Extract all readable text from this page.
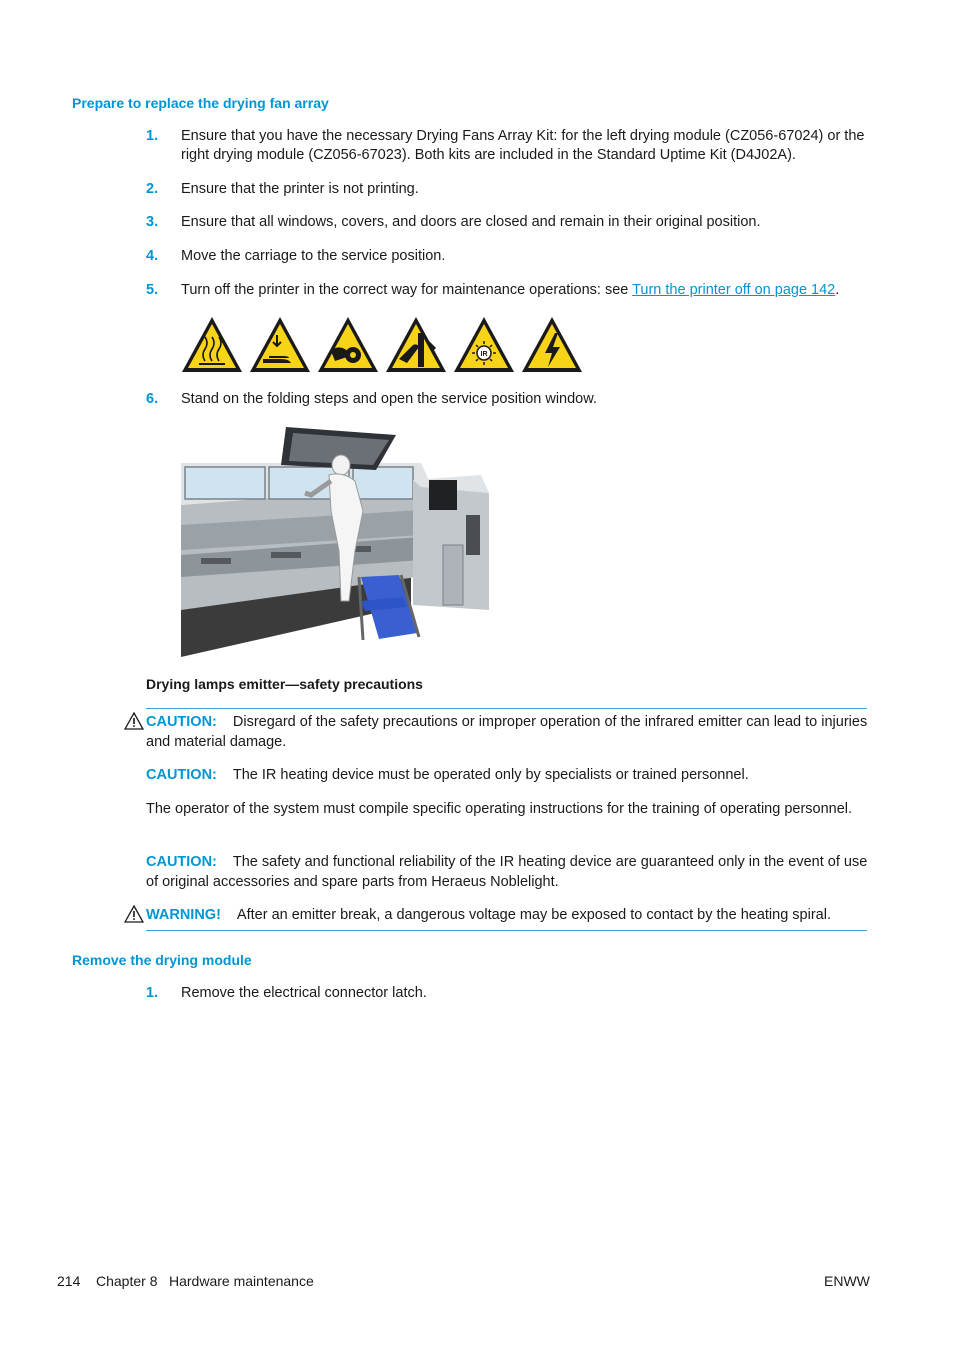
Prepare to replace the drying fan array
1. Ensure that you have the necessary Drying Fans Array Kit: for the left drying module (CZ056-67024) or the right drying module (CZ056-67023). Both kits are included in the Standard Uptime Kit (D4J02A).
2. Ensure that the printer is not printing.
3. Ensure that all windows, covers, and doors are closed and remain in their original position.
4. Move the carriage to the service position.
5. Turn off the printer in the correct way for maintenance operations: see Turn the printer off on page 142.
IR
6. Stand on the folding steps and open the service position window.
Drying lamps emitter—safety precautions
CAUTION: Disregard of the safety precautions or improper operation of the infrared emitter can lead to injuries and material damage.
CAUTION: The IR heating device must be operated only by specialists or trained personnel.
The operator of the system must compile specific operating instructions for the training of operating personnel.
CAUTION: The safety and functional reliability of the IR heating device are guaranteed only in the event of use of original accessories and spare parts from Heraeus Noblelight.
WARNING! After an emitter break, a dangerous voltage may be exposed to contact by the heating spiral.
Remove the drying module
1. Remove the electrical connector latch.
214 Chapter 8 Hardware maintenance	ENWW
